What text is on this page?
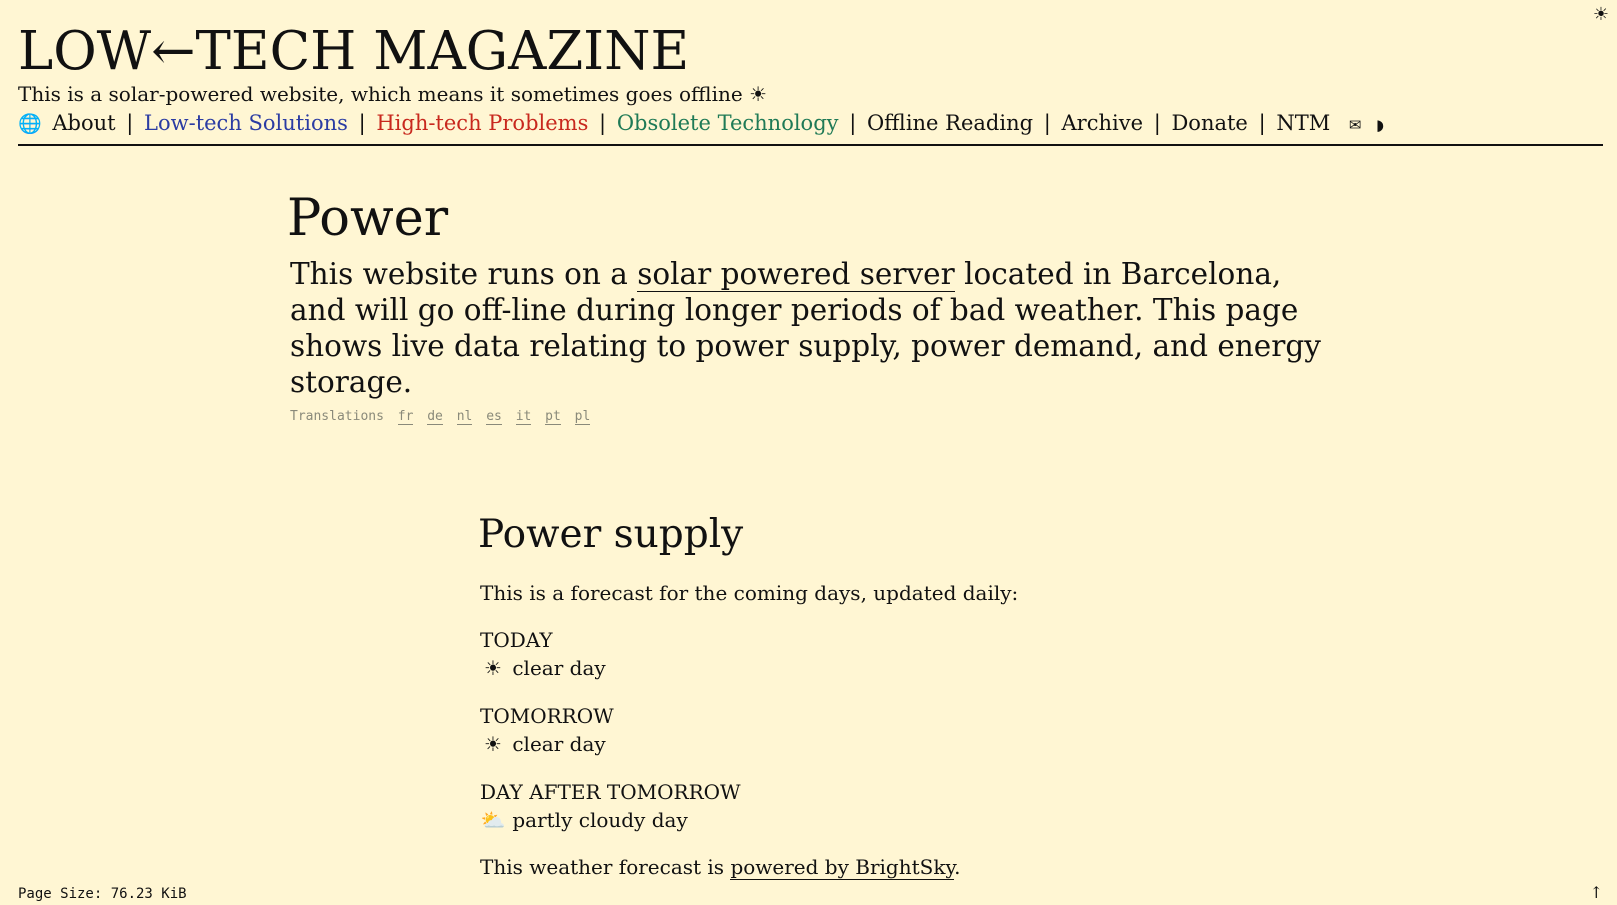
☀
LOW←TECH MAGAZINE
This is a solar-powered website, which means it sometimes goes offline ☀
🌐 About | Low-tech Solutions | High-tech Problems | Obsolete Technology | Offline Reading | Archive | Donate | NTM ✉ ◗
Power

This website runs on a solar powered server located in Barcelona, and will go off-line during longer periods of bad weather. This page shows live data relating to power supply, power demand, and energy storage.

Translations fr de nl es it pt pl
Power supply

This is a forecast for the coming days, updated daily:

TODAY
☀ clear day
TOMORROW
☀ clear day
DAY AFTER TOMORROW
⛅ partly cloudy day

This weather forecast is powered by BrightSky.

Page Size: 76.23 KiB	↑
